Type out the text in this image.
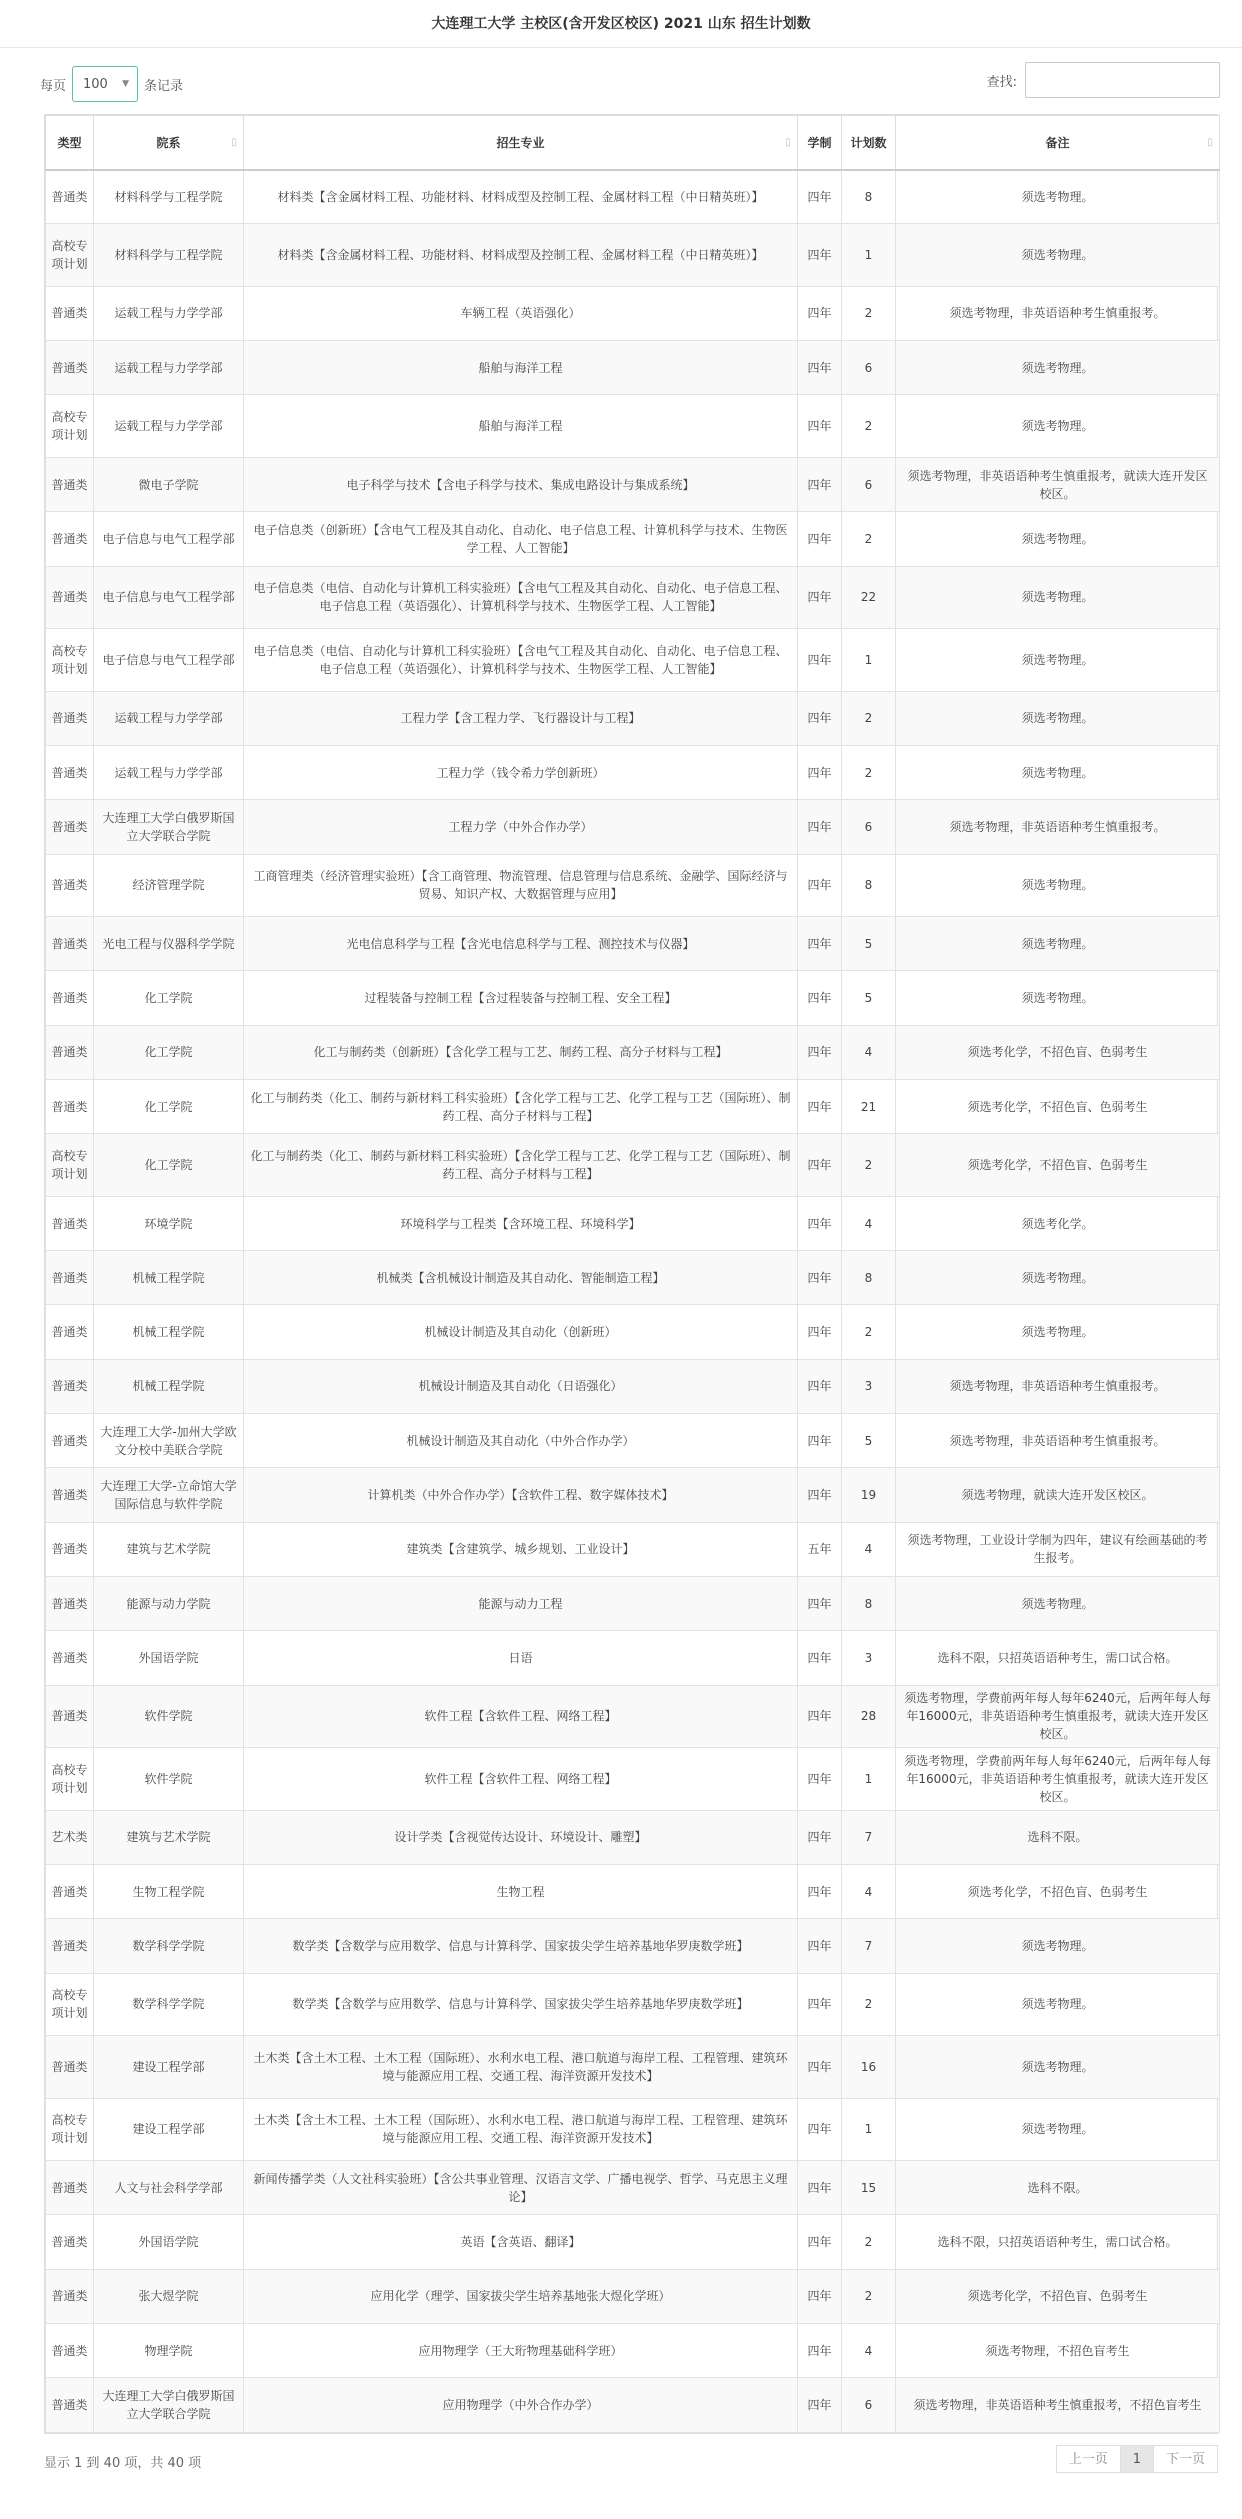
大连理工大学 主校区(含开发区校区) 2021 山东 招生计划数
每页 100 ▼ 条记录	查找:
类型	院系 ▯	招生专业 ▯	学制	计划数	备注 ▯

普通类	材料科学与工程学院	材料类【含金属材料工程、功能材料、材料成型及控制工程、金属材料工程（中日精英班）】	四年	8	须选考物理。
高校专项计划	材料科学与工程学院	材料类【含金属材料工程、功能材料、材料成型及控制工程、金属材料工程（中日精英班）】	四年	1	须选考物理。
普通类	运载工程与力学学部	车辆工程（英语强化）	四年	2	须选考物理，非英语语种考生慎重报考。
普通类	运载工程与力学学部	船舶与海洋工程	四年	6	须选考物理。
高校专项计划	运载工程与力学学部	船舶与海洋工程	四年	2	须选考物理。
普通类	微电子学院	电子科学与技术【含电子科学与技术、集成电路设计与集成系统】	四年	6	须选考物理，非英语语种考生慎重报考，就读大连开发区校区。
普通类	电子信息与电气工程学部	电子信息类（创新班）【含电气工程及其自动化、自动化、电子信息工程、计算机科学与技术、生物医学工程、人工智能】	四年	2	须选考物理。
普通类	电子信息与电气工程学部	电子信息类（电信、自动化与计算机工科实验班）【含电气工程及其自动化、自动化、电子信息工程、电子信息工程（英语强化）、计算机科学与技术、生物医学工程、人工智能】	四年	22	须选考物理。
高校专项计划	电子信息与电气工程学部	电子信息类（电信、自动化与计算机工科实验班）【含电气工程及其自动化、自动化、电子信息工程、电子信息工程（英语强化）、计算机科学与技术、生物医学工程、人工智能】	四年	1	须选考物理。
普通类	运载工程与力学学部	工程力学【含工程力学、飞行器设计与工程】	四年	2	须选考物理。
普通类	运载工程与力学学部	工程力学（钱令希力学创新班）	四年	2	须选考物理。
普通类	大连理工大学白俄罗斯国立大学联合学院	工程力学（中外合作办学）	四年	6	须选考物理，非英语语种考生慎重报考。
普通类	经济管理学院	工商管理类（经济管理实验班）【含工商管理、物流管理、信息管理与信息系统、金融学、国际经济与贸易、知识产权、大数据管理与应用】	四年	8	须选考物理。
普通类	光电工程与仪器科学学院	光电信息科学与工程【含光电信息科学与工程、测控技术与仪器】	四年	5	须选考物理。
普通类	化工学院	过程装备与控制工程【含过程装备与控制工程、安全工程】	四年	5	须选考物理。
普通类	化工学院	化工与制药类（创新班）【含化学工程与工艺、制药工程、高分子材料与工程】	四年	4	须选考化学，不招色盲、色弱考生
普通类	化工学院	化工与制药类（化工、制药与新材料工科实验班）【含化学工程与工艺、化学工程与工艺（国际班）、制药工程、高分子材料与工程】	四年	21	须选考化学，不招色盲、色弱考生
高校专项计划	化工学院	化工与制药类（化工、制药与新材料工科实验班）【含化学工程与工艺、化学工程与工艺（国际班）、制药工程、高分子材料与工程】	四年	2	须选考化学，不招色盲、色弱考生
普通类	环境学院	环境科学与工程类【含环境工程、环境科学】	四年	4	须选考化学。
普通类	机械工程学院	机械类【含机械设计制造及其自动化、智能制造工程】	四年	8	须选考物理。
普通类	机械工程学院	机械设计制造及其自动化（创新班）	四年	2	须选考物理。
普通类	机械工程学院	机械设计制造及其自动化（日语强化）	四年	3	须选考物理，非英语语种考生慎重报考。
普通类	大连理工大学-加州大学欧文分校中美联合学院	机械设计制造及其自动化（中外合作办学）	四年	5	须选考物理，非英语语种考生慎重报考。
普通类	大连理工大学-立命馆大学国际信息与软件学院	计算机类（中外合作办学）【含软件工程、数字媒体技术】	四年	19	须选考物理，就读大连开发区校区。
普通类	建筑与艺术学院	建筑类【含建筑学、城乡规划、工业设计】	五年	4	须选考物理，工业设计学制为四年，建议有绘画基础的考生报考。
普通类	能源与动力学院	能源与动力工程	四年	8	须选考物理。
普通类	外国语学院	日语	四年	3	选科不限，只招英语语种考生，需口试合格。
普通类	软件学院	软件工程【含软件工程、网络工程】	四年	28	须选考物理，学费前两年每人每年6240元，后两年每人每年16000元，非英语语种考生慎重报考，就读大连开发区校区。
高校专项计划	软件学院	软件工程【含软件工程、网络工程】	四年	1	须选考物理，学费前两年每人每年6240元，后两年每人每年16000元，非英语语种考生慎重报考，就读大连开发区校区。
艺术类	建筑与艺术学院	设计学类【含视觉传达设计、环境设计、雕塑】	四年	7	选科不限。
普通类	生物工程学院	生物工程	四年	4	须选考化学，不招色盲、色弱考生
普通类	数学科学学院	数学类【含数学与应用数学、信息与计算科学、国家拔尖学生培养基地华罗庚数学班】	四年	7	须选考物理。
高校专项计划	数学科学学院	数学类【含数学与应用数学、信息与计算科学、国家拔尖学生培养基地华罗庚数学班】	四年	2	须选考物理。
普通类	建设工程学部	土木类【含土木工程、土木工程（国际班）、水利水电工程、港口航道与海岸工程、工程管理、建筑环境与能源应用工程、交通工程、海洋资源开发技术】	四年	16	须选考物理。
高校专项计划	建设工程学部	土木类【含土木工程、土木工程（国际班）、水利水电工程、港口航道与海岸工程、工程管理、建筑环境与能源应用工程、交通工程、海洋资源开发技术】	四年	1	须选考物理。
普通类	人文与社会科学学部	新闻传播学类（人文社科实验班）【含公共事业管理、汉语言文学、广播电视学、哲学、马克思主义理论】	四年	15	选科不限。
普通类	外国语学院	英语【含英语、翻译】	四年	2	选科不限，只招英语语种考生，需口试合格。
普通类	张大煜学院	应用化学（理学、国家拔尖学生培养基地张大煜化学班）	四年	2	须选考化学，不招色盲、色弱考生
普通类	物理学院	应用物理学（王大珩物理基础科学班）	四年	4	须选考物理，不招色盲考生
普通类	大连理工大学白俄罗斯国立大学联合学院	应用物理学（中外合作办学）	四年	6	须选考物理，非英语语种考生慎重报考，不招色盲考生
显示 1 到 40 项，共 40 项	上一页	1	下一页
